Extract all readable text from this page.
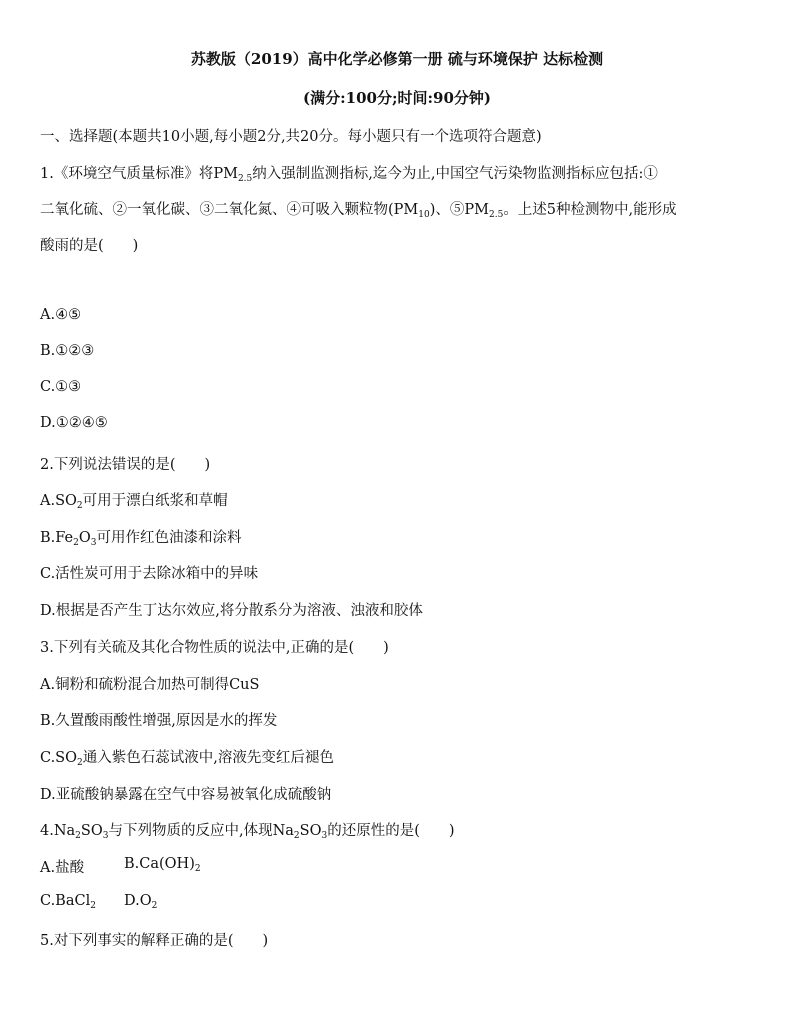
苏教版（2019）高中化学必修第一册 硫与环境保护 达标检测
(满分:100分;时间:90分钟)
一、选择题(本题共10小题,每小题2分,共20分。每小题只有一个选项符合题意)
1.《环境空气质量标准》将$PM_{2.5}$纳入强制监测指标,迄今为止,中国空气污染物监测指标应包括:①
二氧化硫、②一氧化碳、③二氧化氮、④可吸入颗粒物$(PM_{10})$、$⑤PM_{2.5}$。上述5种检测物中,能形成
酸雨的是(　　)
A.④⑤
B.①②③
C.①③
D.①②④⑤
2.下列说法错误的是(　　)
$A.SO_2$可用于漂白纸浆和草帽
$B.Fe_2O_3$可用作红色油漆和涂料
C.活性炭可用于去除冰箱中的异味
D.根据是否产生丁达尔效应,将分散系分为溶液、浊液和胶体
3.下列有关硫及其化合物性质的说法中,正确的是(　　)
A.铜粉和硫粉混合加热可制得CuS
B.久置酸雨酸性增强,原因是水的挥发
$C.SO_2$通入紫色石蕊试液中,溶液先变红后褪色
D.亚硫酸钠暴露在空气中容易被氧化成硫酸钠
$4.Na_2SO_3$与下列物质的反应中,体现$Na_2SO_3$的还原性的是(　　)
A.盐酸	$B.Ca(OH)_2$
C.BaCl$_2$ $D.O_2$
5.对下列事实的解释正确的是(　　)
